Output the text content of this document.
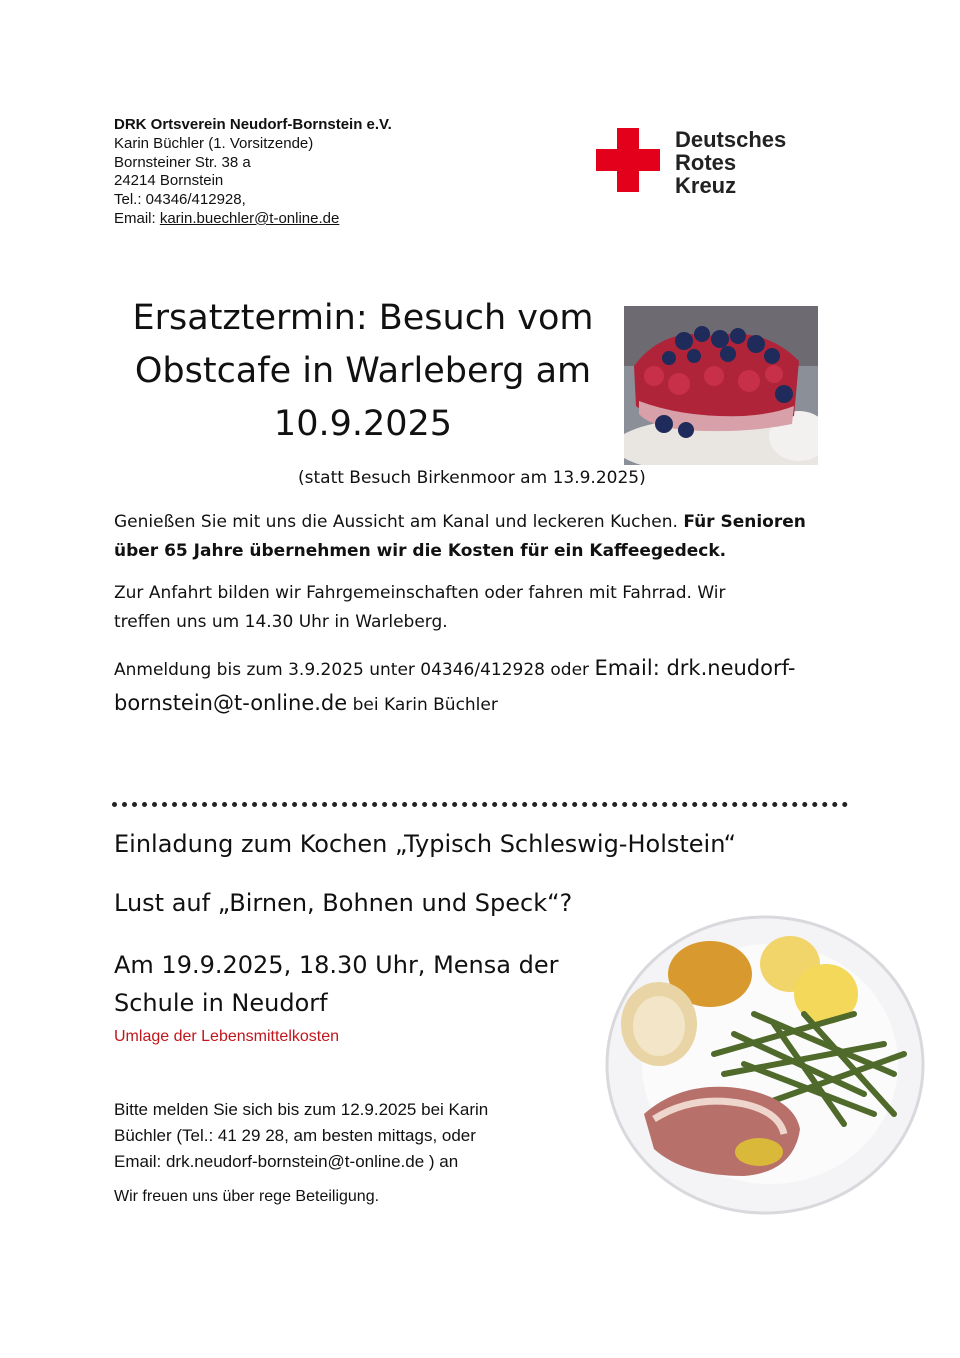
DRK Ortsverein Neudorf-Bornstein e.V.
Karin Büchler (1. Vorsitzende)
Bornsteiner Str. 38 a
24214 Bornstein
Tel.: 04346/412928,
Email: karin.buechler@t-online.de
Deutsches
Rotes
Kreuz
Ersatztermin: Besuch vom
Obstcafe in Warleberg am
10.9.2025
(statt Besuch Birkenmoor am 13.9.2025)
Genießen Sie mit uns die Aussicht am Kanal und leckeren Kuchen. Für Senioren
über 65 Jahre übernehmen wir die Kosten für ein Kaffeegedeck.
Zur Anfahrt bilden wir Fahrgemeinschaften oder fahren mit Fahrrad. Wir
treffen uns um 14.30 Uhr in Warleberg.
Anmeldung bis zum 3.9.2025 unter 04346/412928 oder Email: drk.neudorf-
bornstein@t-online.de bei Karin Büchler
Einladung zum Kochen „Typisch Schleswig-Holstein“
Lust auf „Birnen, Bohnen und Speck“?
Am 19.9.2025, 18.30 Uhr, Mensa der
Schule in Neudorf
Umlage der Lebensmittelkosten
Bitte melden Sie sich bis zum 12.9.2025 bei Karin
Büchler (Tel.: 41 29 28, am besten mittags, oder
Email: drk.neudorf-bornstein@t-online.de ) an
Wir freuen uns über rege Beteiligung.
